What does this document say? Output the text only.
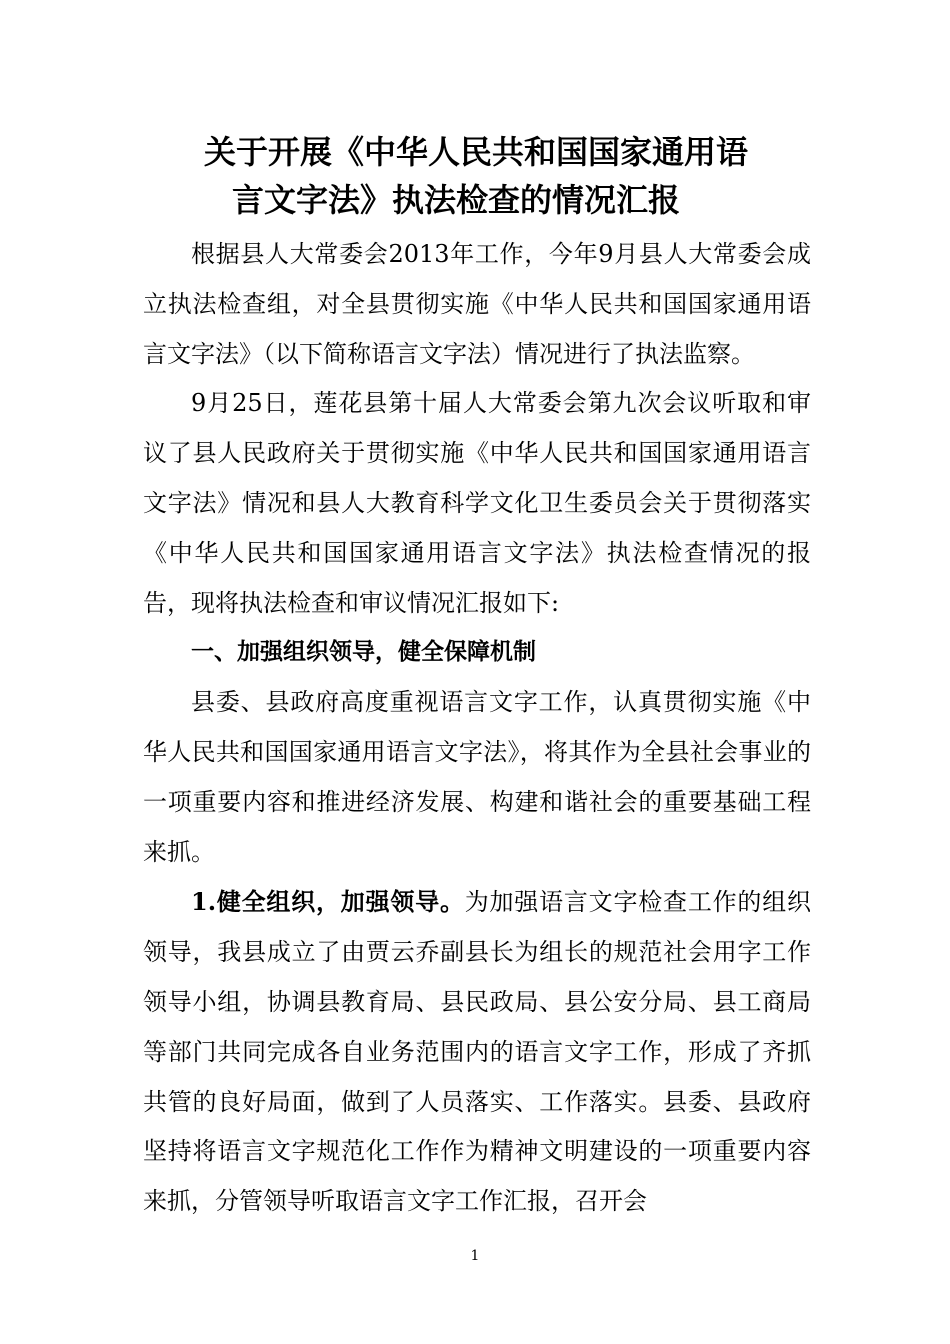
关于开展《中华人民共和国国家通用语
言文字法》执法检查的情况汇报

根据县人大常委会2013年工作，今年9月县人大常委会成立执法检查组，对全县贯彻实施《中华人民共和国国家通用语言文字法》（以下简称语言文字法）情况进行了执法监察。

9月25日，莲花县第十届人大常委会第九次会议听取和审议了县人民政府关于贯彻实施《中华人民共和国国家通用语言文字法》情况和县人大教育科学文化卫生委员会关于贯彻落实《中华人民共和国国家通用语言文字法》执法检查情况的报告，现将执法检查和审议情况汇报如下:

一、加强组织领导，健全保障机制

县委、县政府高度重视语言文字工作，认真贯彻实施《中华人民共和国国家通用语言文字法》，将其作为全县社会事业的一项重要内容和推进经济发展、构建和谐社会的重要基础工程来抓。

1.健全组织，加强领导。为加强语言文字检查工作的组织领导，我县成立了由贾云乔副县长为组长的规范社会用字工作领导小组，协调县教育局、县民政局、县公安分局、县工商局等部门共同完成各自业务范围内的语言文字工作，形成了齐抓共管的良好局面，做到了人员落实、工作落实。县委、县政府坚持将语言文字规范化工作作为精神文明建设的一项重要内容来抓，分管领导听取语言文字工作汇报，召开会

1
